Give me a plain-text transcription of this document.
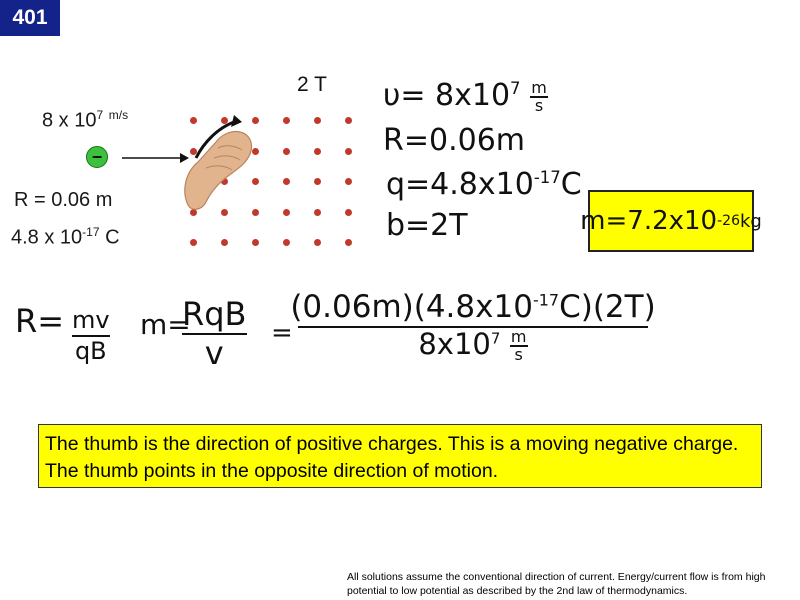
401
8 x $10^7$ $^{m/s}$
−
R = 0.06 m
4.8 x $10^{-17}$ C
2 T $\upsilon= 8x10^7 \frac{m}{s}$
R=0.06m
$q=4.8x10^{-17}C$
b=2T	m=7.2x10 -26 kg
R= mv
qB
m=
RqB
v
=
$(0.06m)(4.8x10^{-17}C)(2T)$
$8x10^7 \frac{m}{s}$
The thumb is the direction of positive charges. This is a moving negative charge. The thumb points in the opposite direction of motion.
All solutions assume the conventional direction of current. Energy/current flow is from high potential to low potential as described by the 2nd law of thermodynamics.
